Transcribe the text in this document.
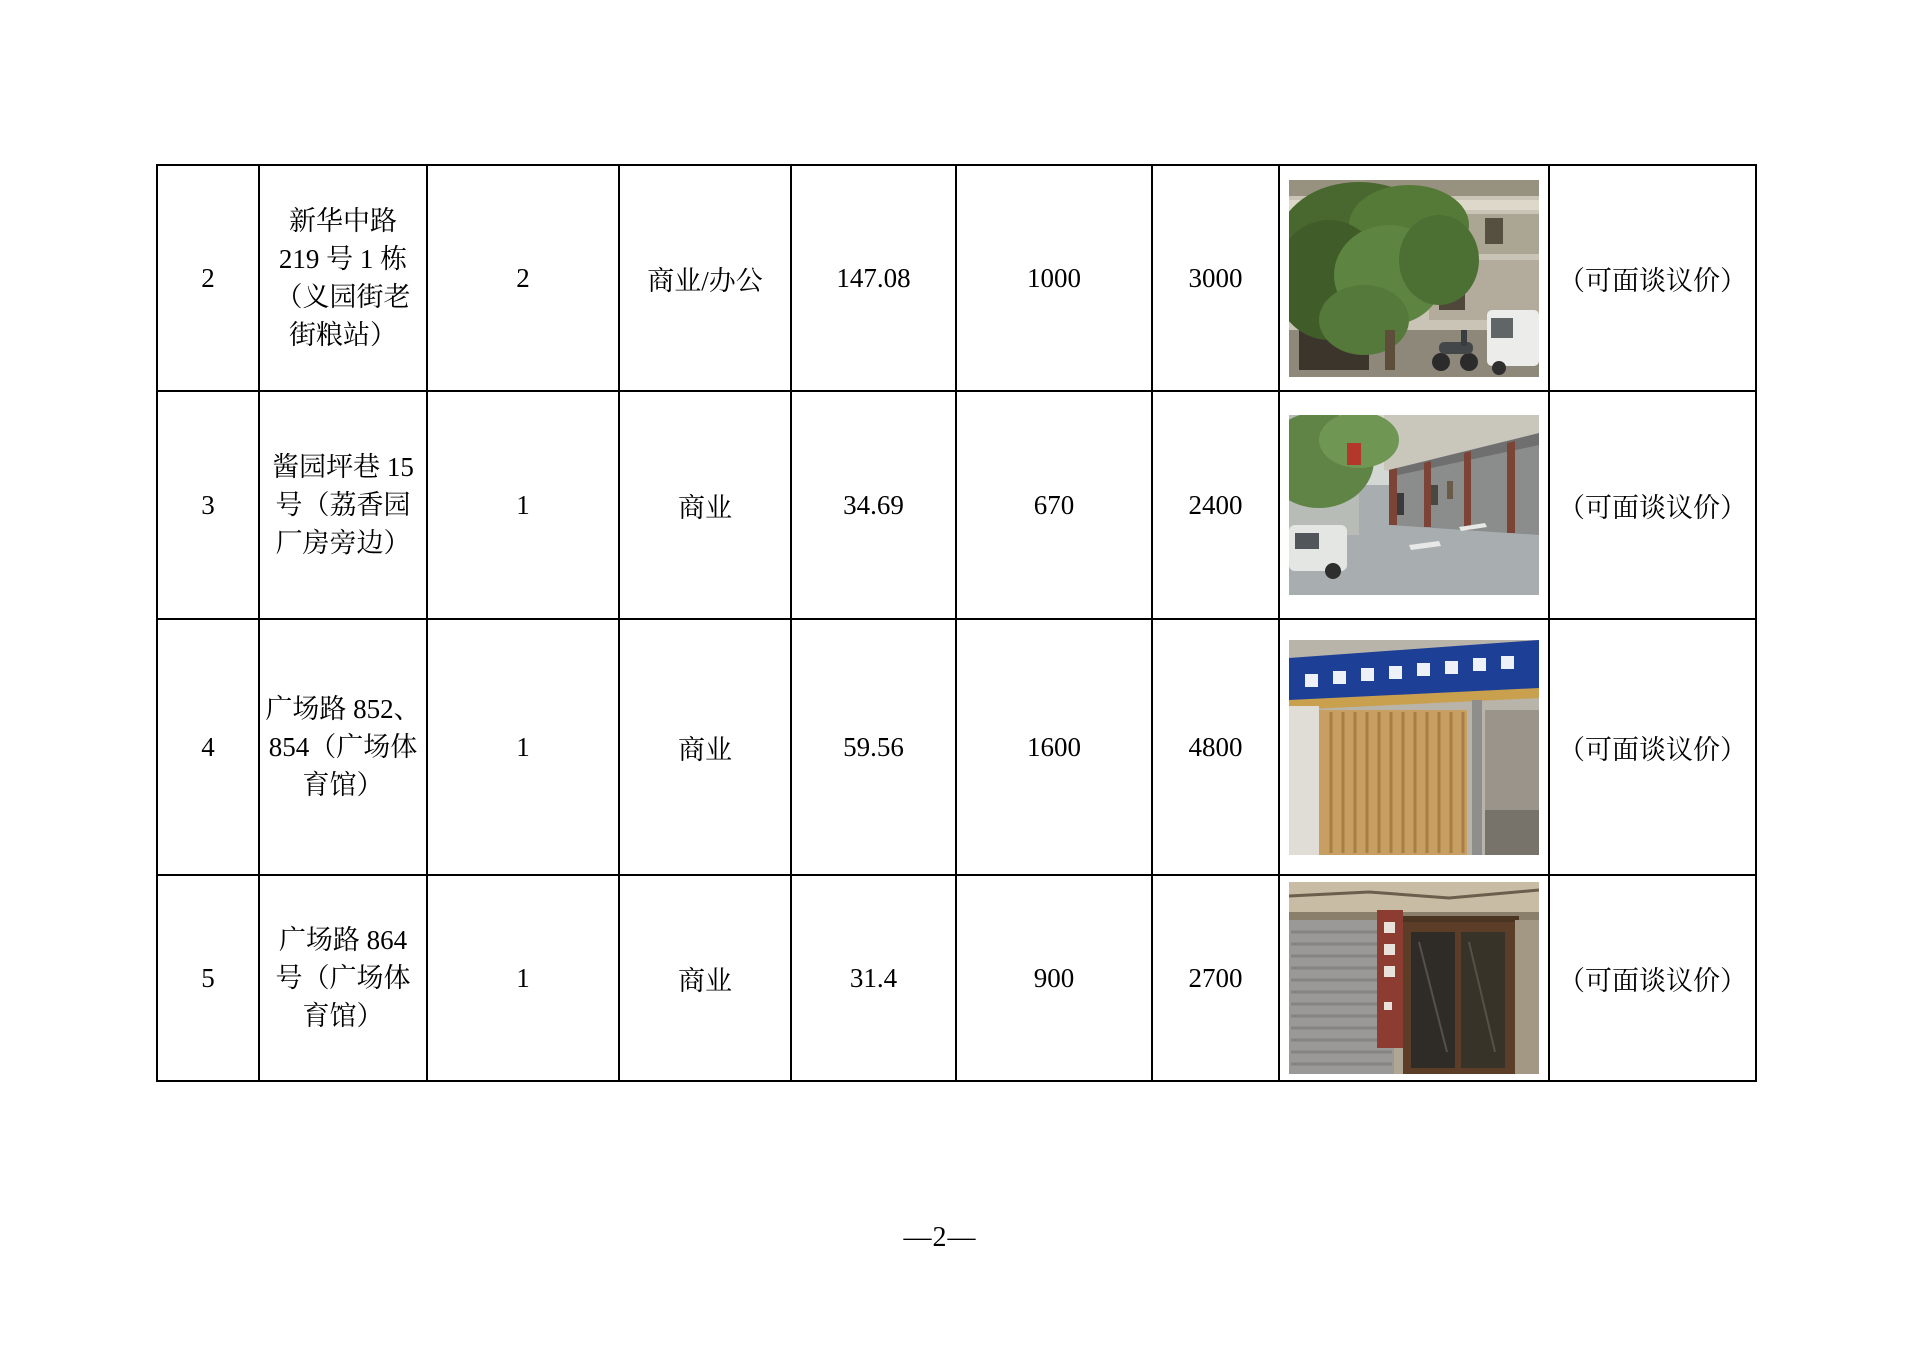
2	新华中路
219 号 1 栋
（义园街老
街粮站）	2	商业/办公	147.08	1000	3000		（可面谈议价）
3	酱园坪巷 15
号（荔香园
厂房旁边）	1	商业	34.69	670	2400		（可面谈议价）
4	广场路 852、
854（广场体
育馆）	1	商业	59.56	1600	4800		（可面谈议价）
5	广场路 864
号（广场体
育馆）	1	商业	31.4	900	2700		（可面谈议价）
—2—
